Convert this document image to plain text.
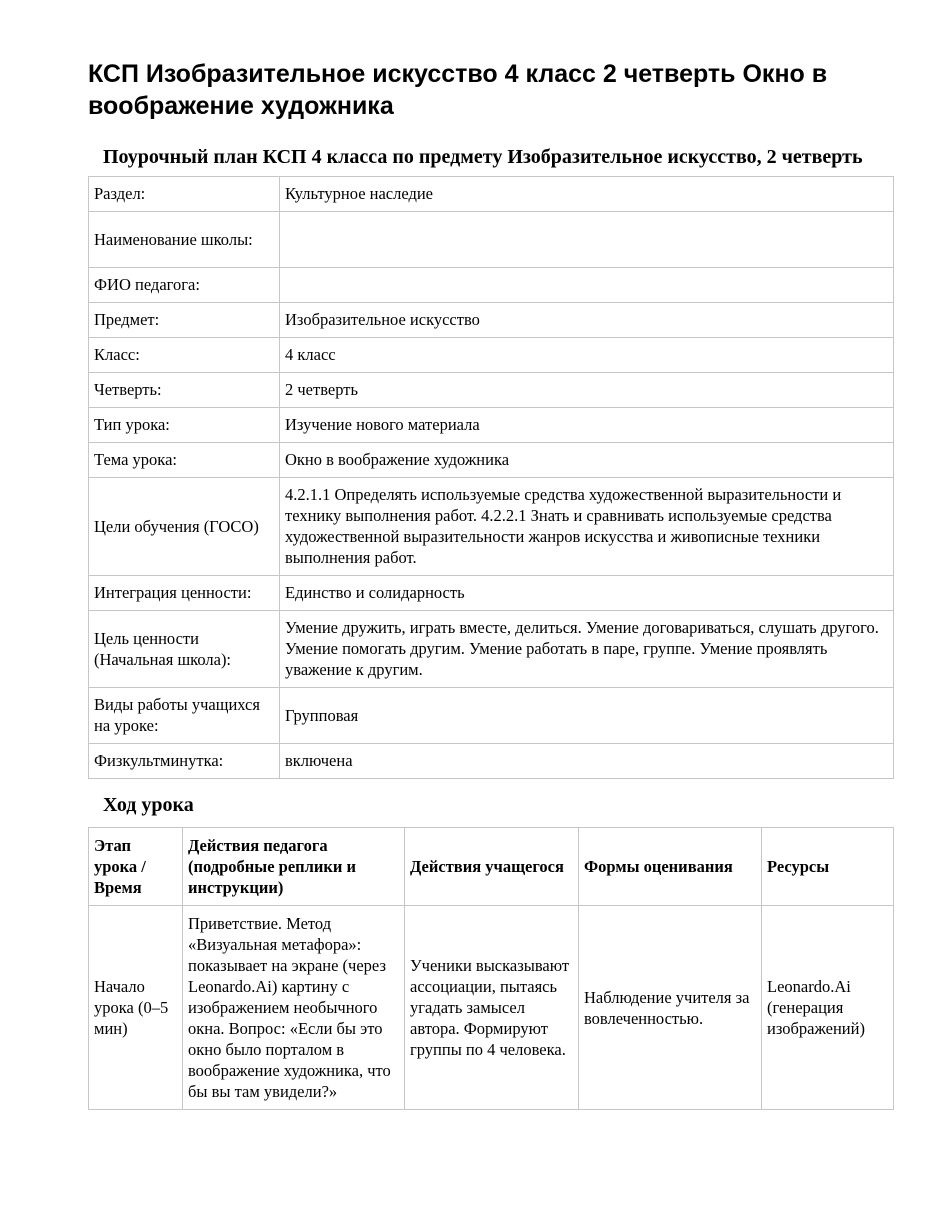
КСП Изобразительное искусство 4 класс 2 четверть Окно в воображение художника
Поурочный план КСП 4 класса по предмету Изобразительное искусство, 2 четверть
Раздел:	Культурное наследие
Наименование школы:	
ФИО педагога:	
Предмет:	Изобразительное искусство
Класс:	4 класс
Четверть:	2 четверть
Тип урока:	Изучение нового материала
Тема урока:	Окно в воображение художника
Цели обучения (ГОСО)	4.2.1.1 Определять используемые средства художественной выразительности и технику выполнения работ. 4.2.2.1 Знать и сравнивать используемые средства художественной выразительности жанров искусства и живописные техники выполнения работ.
Интеграция ценности:	Единство и солидарность
Цель ценности (Начальная школа):	Умение дружить, играть вместе, делиться. Умение договариваться, слушать другого. Умение помогать другим. Умение работать в паре, группе. Умение проявлять уважение к другим.
Виды работы учащихся на уроке:	Групповая
Физкультминутка:	включена
Ход урока
Этап урока / Время	Действия педагога (подробные реплики и инструкции)	Действия учащегося	Формы оценивания	Ресурсы
Начало урока (0–5 мин)	Приветствие. Метод «Визуальная метафора»: показывает на экране (через Leonardo.Ai) картину с изображением необычного окна. Вопрос: «Если бы это окно было порталом в воображение художника, что бы вы там увидели?»	Ученики высказывают ассоциации, пытаясь угадать замысел автора. Формируют группы по 4 человека.	Наблюдение учителя за вовлеченностью.	Leonardo.Ai (генерация изображений)
